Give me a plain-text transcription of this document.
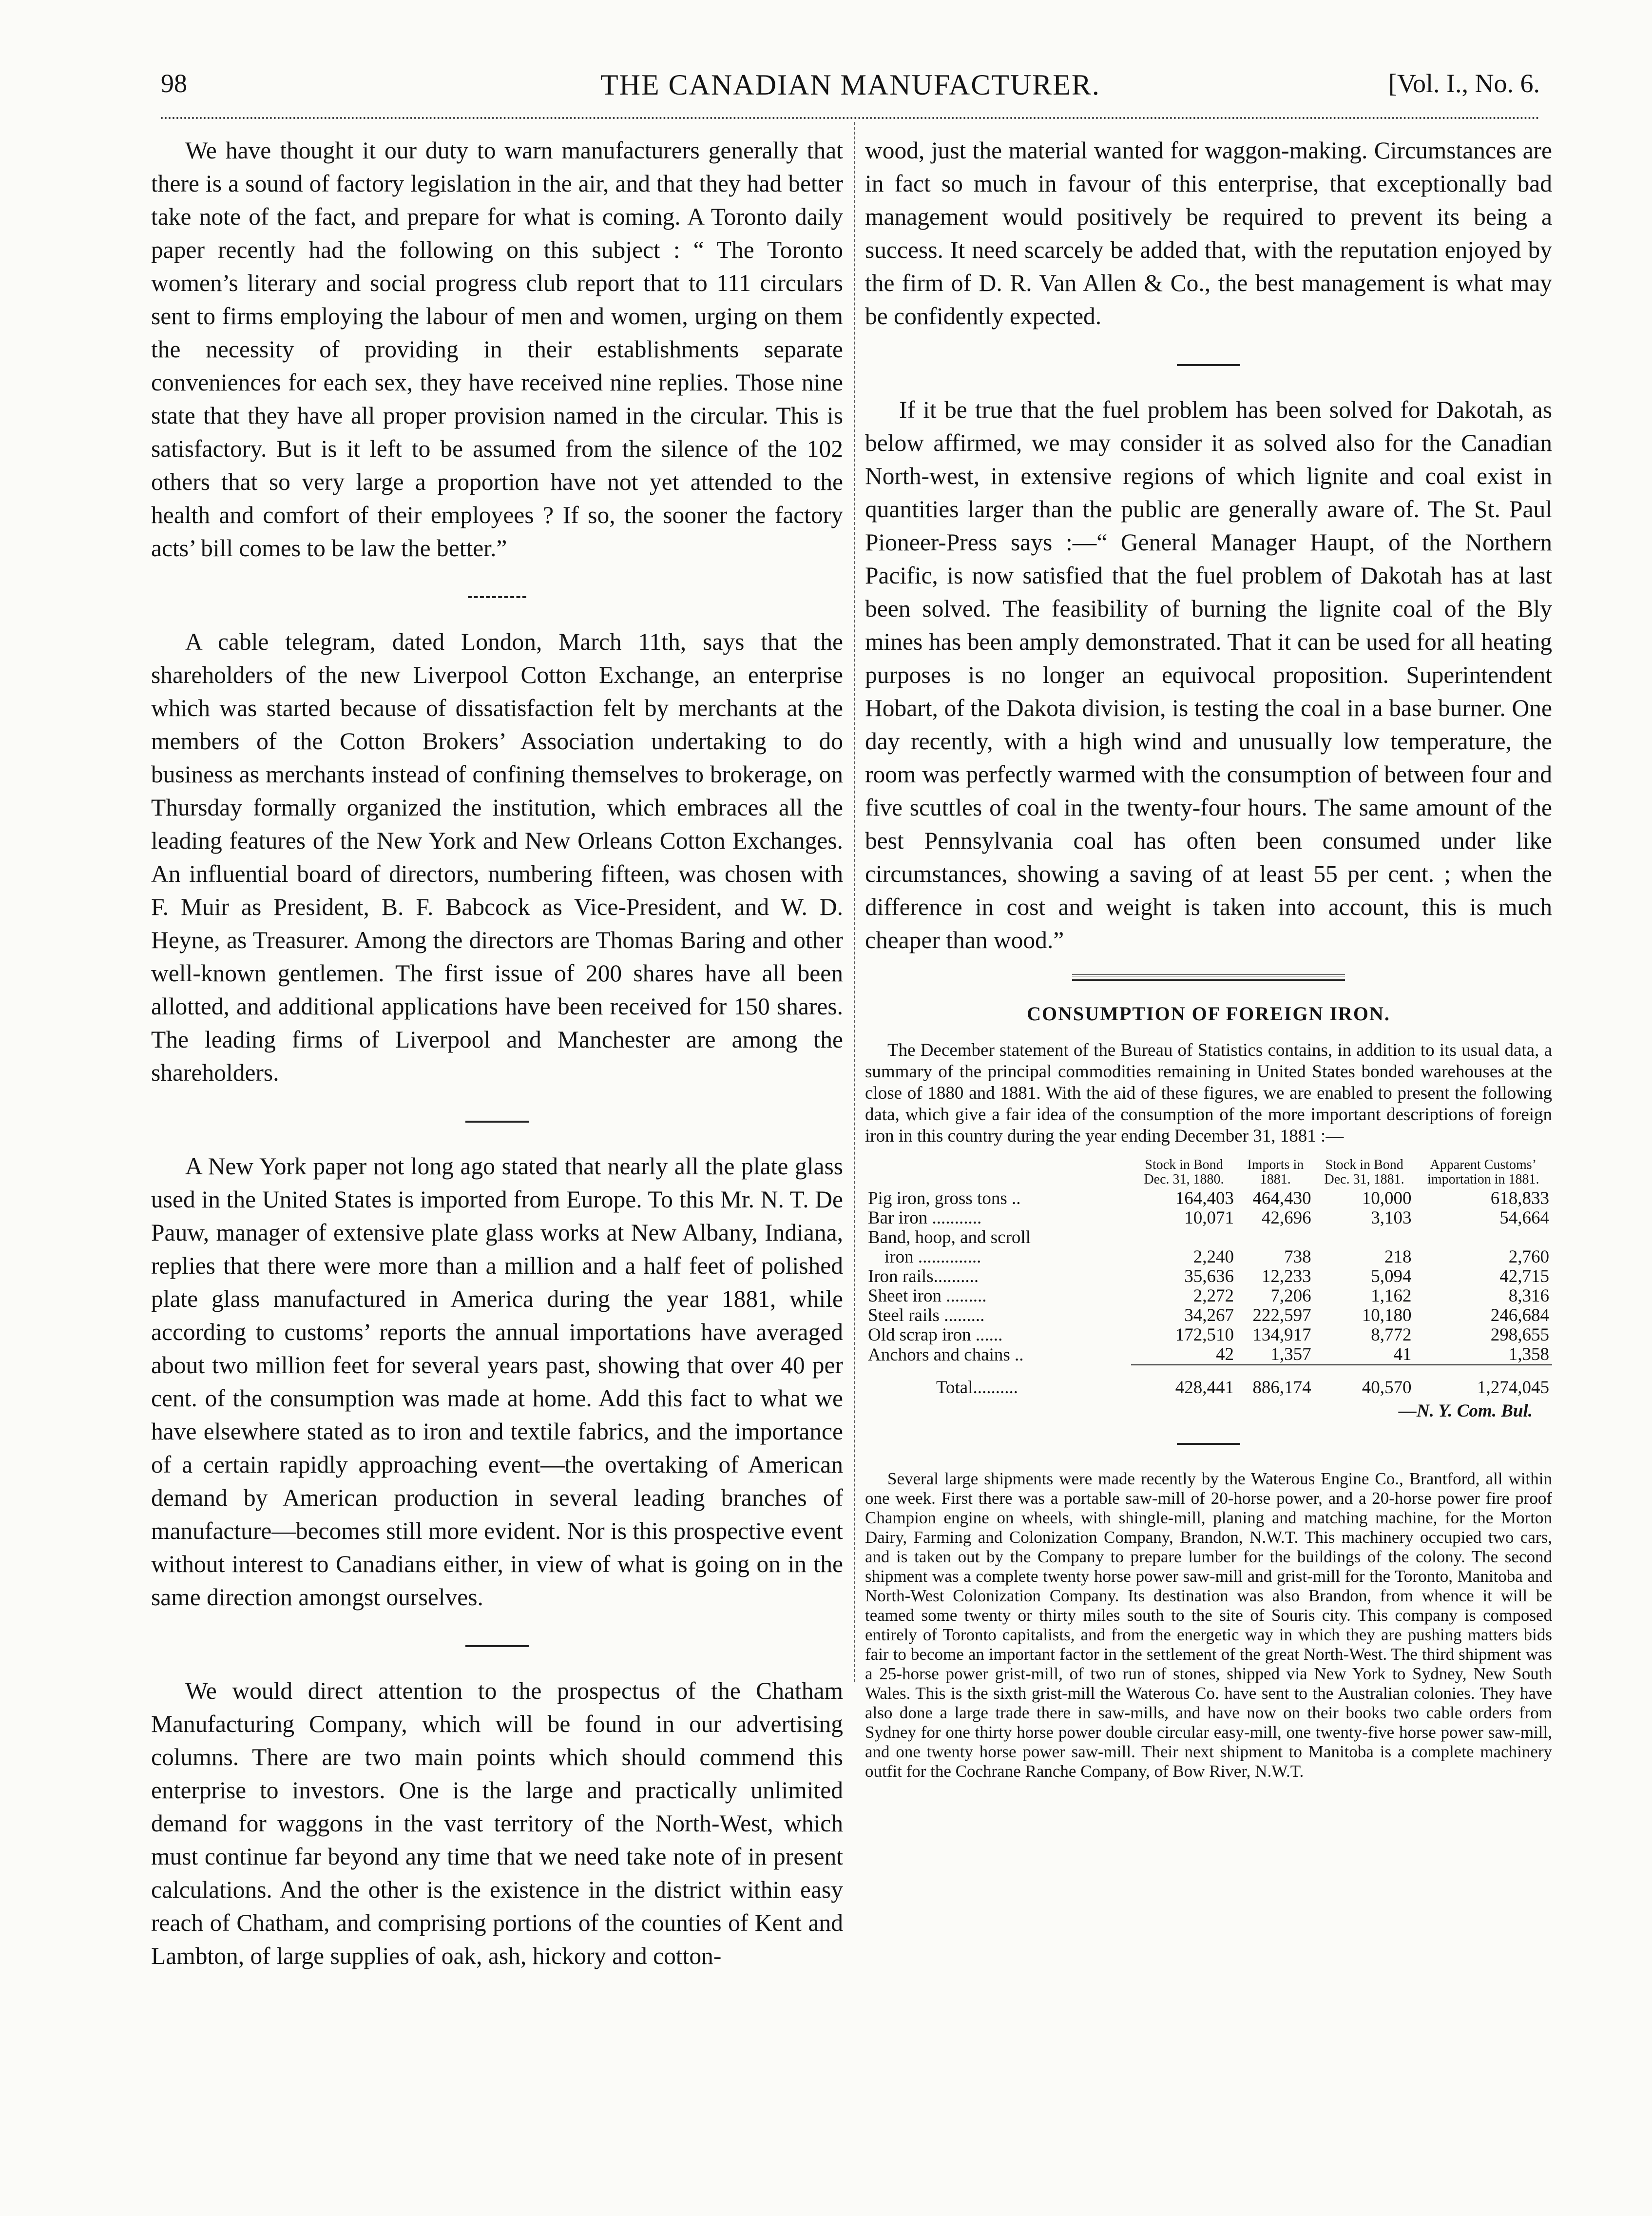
98	THE CANADIAN MANUFACTURER.	[Vol. I., No. 6.

We have thought it our duty to warn manufacturers generally that there is a sound of factory legislation in the air, and that they had better take note of the fact, and prepare for what is coming. A Toronto daily paper recently had the following on this subject : “ The Toronto women’s literary and social progress club report that to 111 circulars sent to firms employing the labour of men and women, urging on them the necessity of providing in their establishments separate conveniences for each sex, they have received nine replies. Those nine state that they have all proper provision named in the circular. This is satisfactory. But is it left to be assumed from the silence of the 102 others that so very large a proportion have not yet attended to the health and comfort of their employees ? If so, the sooner the factory acts’ bill comes to be law the better.”

A cable telegram, dated London, March 11th, says that the shareholders of the new Liverpool Cotton Exchange, an enterprise which was started because of dissatisfaction felt by merchants at the members of the Cotton Brokers’ Association undertaking to do business as merchants instead of confining themselves to brokerage, on Thursday formally organized the institution, which embraces all the leading features of the New York and New Orleans Cotton Exchanges. An influential board of directors, numbering fifteen, was chosen with F. Muir as President, B. F. Babcock as Vice-President, and W. D. Heyne, as Treasurer. Among the directors are Thomas Baring and other well-known gentlemen. The first issue of 200 shares have all been allotted, and additional applications have been received for 150 shares. The leading firms of Liverpool and Manchester are among the shareholders.

A New York paper not long ago stated that nearly all the plate glass used in the United States is imported from Europe. To this Mr. N. T. De Pauw, manager of extensive plate glass works at New Albany, Indiana, replies that there were more than a million and a half feet of polished plate glass manufactured in America during the year 1881, while according to customs’ reports the annual importations have averaged about two million feet for several years past, showing that over 40 per cent. of the consumption was made at home. Add this fact to what we have elsewhere stated as to iron and textile fabrics, and the importance of a certain rapidly approaching event—the overtaking of American demand by American production in several leading branches of manufacture—becomes still more evident. Nor is this prospective event without interest to Canadians either, in view of what is going on in the same direction amongst ourselves.

We would direct attention to the prospectus of the Chatham Manufacturing Company, which will be found in our advertising columns. There are two main points which should commend this enterprise to investors. One is the large and practically unlimited demand for waggons in the vast territory of the North-West, which must continue far beyond any time that we need take note of in present calculations. And the other is the existence in the district within easy reach of Chatham, and comprising portions of the counties of Kent and Lambton, of large supplies of oak, ash, hickory and cotton-

wood, just the material wanted for waggon-making. Circumstances are in fact so much in favour of this enterprise, that exceptionally bad management would positively be required to prevent its being a success. It need scarcely be added that, with the reputation enjoyed by the firm of D. R. Van Allen & Co., the best management is what may be confidently expected.

If it be true that the fuel problem has been solved for Dakotah, as below affirmed, we may consider it as solved also for the Canadian North-west, in extensive regions of which lignite and coal exist in quantities larger than the public are generally aware of. The St. Paul Pioneer-Press says :—“ General Manager Haupt, of the Northern Pacific, is now satisfied that the fuel problem of Dakotah has at last been solved. The feasibility of burning the lignite coal of the Bly mines has been amply demonstrated. That it can be used for all heating purposes is no longer an equivocal proposition. Superintendent Hobart, of the Dakota division, is testing the coal in a base burner. One day recently, with a high wind and unusually low temperature, the room was perfectly warmed with the consumption of between four and five scuttles of coal in the twenty-four hours. The same amount of the best Pennsylvania coal has often been consumed under like circumstances, showing a saving of at least 55 per cent. ; when the difference in cost and weight is taken into account, this is much cheaper than wood.”

CONSUMPTION OF FOREIGN IRON.

The December statement of the Bureau of Statistics contains, in addition to its usual data, a summary of the principal commodities remaining in United States bonded warehouses at the close of 1880 and 1881. With the aid of these figures, we are enabled to present the following data, which give a fair idea of the consumption of the more important descriptions of foreign iron in this country during the year ending December 31, 1881 :—

	Stock in Bond Dec. 31, 1880.	Imports in 1881.	Stock in Bond Dec. 31, 1881.	Apparent Customs’ importation in 1881.
Pig iron, gross tons ..	164,403	464,430	10,000	618,833
Bar iron ...........	10,071	42,696	3,103	54,664
Band, hoop, and scroll				
iron ..............	2,240	738	218	2,760
Iron rails..........	35,636	12,233	5,094	42,715
Sheet iron .........	2,272	7,206	1,162	8,316
Steel rails .........	34,267	222,597	10,180	246,684
Old scrap iron ......	172,510	134,917	8,772	298,655
Anchors and chains ..	42	1,357	41	1,358
Total..........	428,441	886,174	40,570	1,274,045
—N. Y. Com. Bul.

Several large shipments were made recently by the Waterous Engine Co., Brantford, all within one week. First there was a portable saw-mill of 20-horse power, and a 20-horse power fire proof Champion engine on wheels, with shingle-mill, planing and matching machine, for the Morton Dairy, Farming and Colonization Company, Brandon, N.W.T. This machinery occupied two cars, and is taken out by the Company to prepare lumber for the buildings of the colony. The second shipment was a complete twenty horse power saw-mill and grist-mill for the Toronto, Manitoba and North-West Colonization Company. Its destination was also Brandon, from whence it will be teamed some twenty or thirty miles south to the site of Souris city. This company is composed entirely of Toronto capitalists, and from the energetic way in which they are pushing matters bids fair to become an important factor in the settlement of the great North-West. The third shipment was a 25-horse power grist-mill, of two run of stones, shipped via New York to Sydney, New South Wales. This is the sixth grist-mill the Waterous Co. have sent to the Australian colonies. They have also done a large trade there in saw-mills, and have now on their books two cable orders from Sydney for one thirty horse power double circular easy-mill, one twenty-five horse power saw-mill, and one twenty horse power saw-mill. Their next shipment to Manitoba is a complete machinery outfit for the Cochrane Ranche Company, of Bow River, N.W.T.
